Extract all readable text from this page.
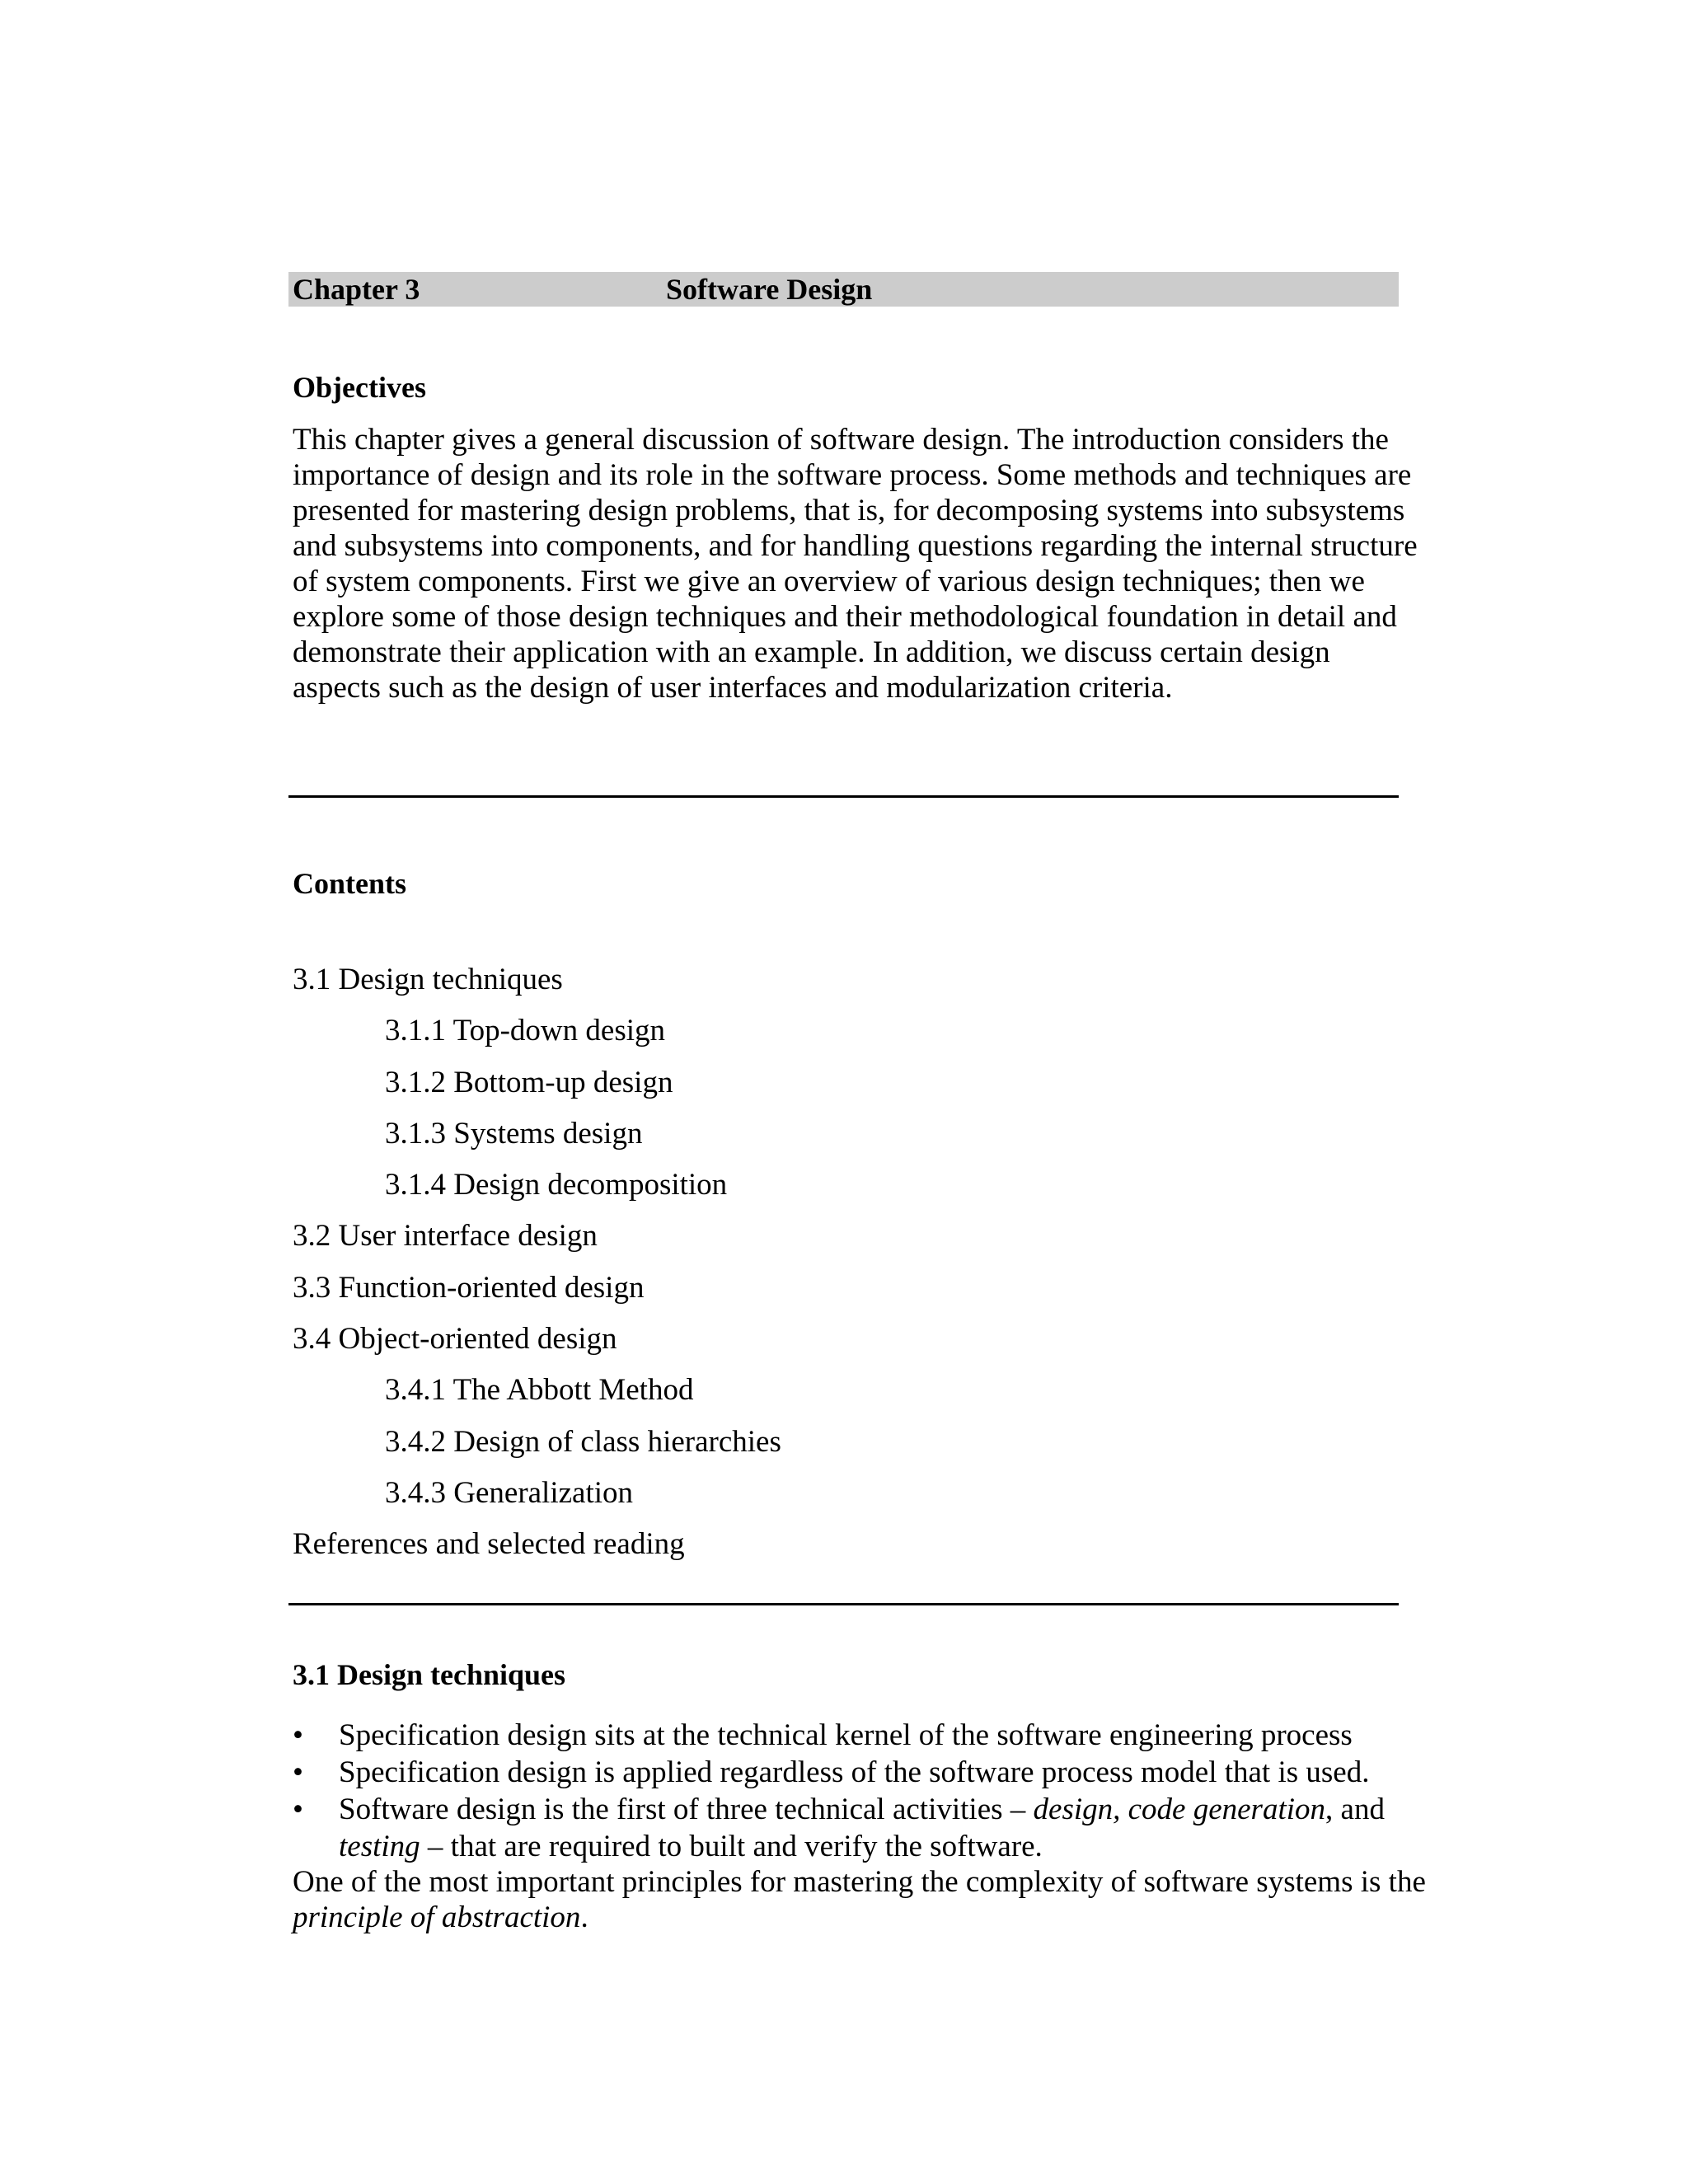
Chapter 3	Software Design
Objectives

This chapter gives a general discussion of software design. The introduction considers the importance of design and its role in the software process. Some methods and techniques are presented for mastering design problems, that is, for decomposing systems into subsystems and subsystems into components, and for handling questions regarding the internal structure of system components. First we give an overview of various design techniques; then we explore some of those design techniques and their methodological foundation in detail and demonstrate their application with an example. In addition, we discuss certain design aspects such as the design of user interfaces and modularization criteria.

Contents
3.1 Design techniques
3.1.1 Top-down design
3.1.2 Bottom-up design
3.1.3 Systems design
3.1.4 Design decomposition
3.2 User interface design
3.3 Function-oriented design
3.4 Object-oriented design
3.4.1 The Abbott Method
3.4.2 Design of class hierarchies
3.4.3 Generalization
References and selected reading
3.1 Design techniques
• Specification design sits at the technical kernel of the software engineering process
• Specification design is applied regardless of the software process model that is used.
• Software design is the first of three technical activities – design, code generation, and testing – that are required to built and verify the software.

One of the most important principles for mastering the complexity of software systems is the principle of abstraction.
